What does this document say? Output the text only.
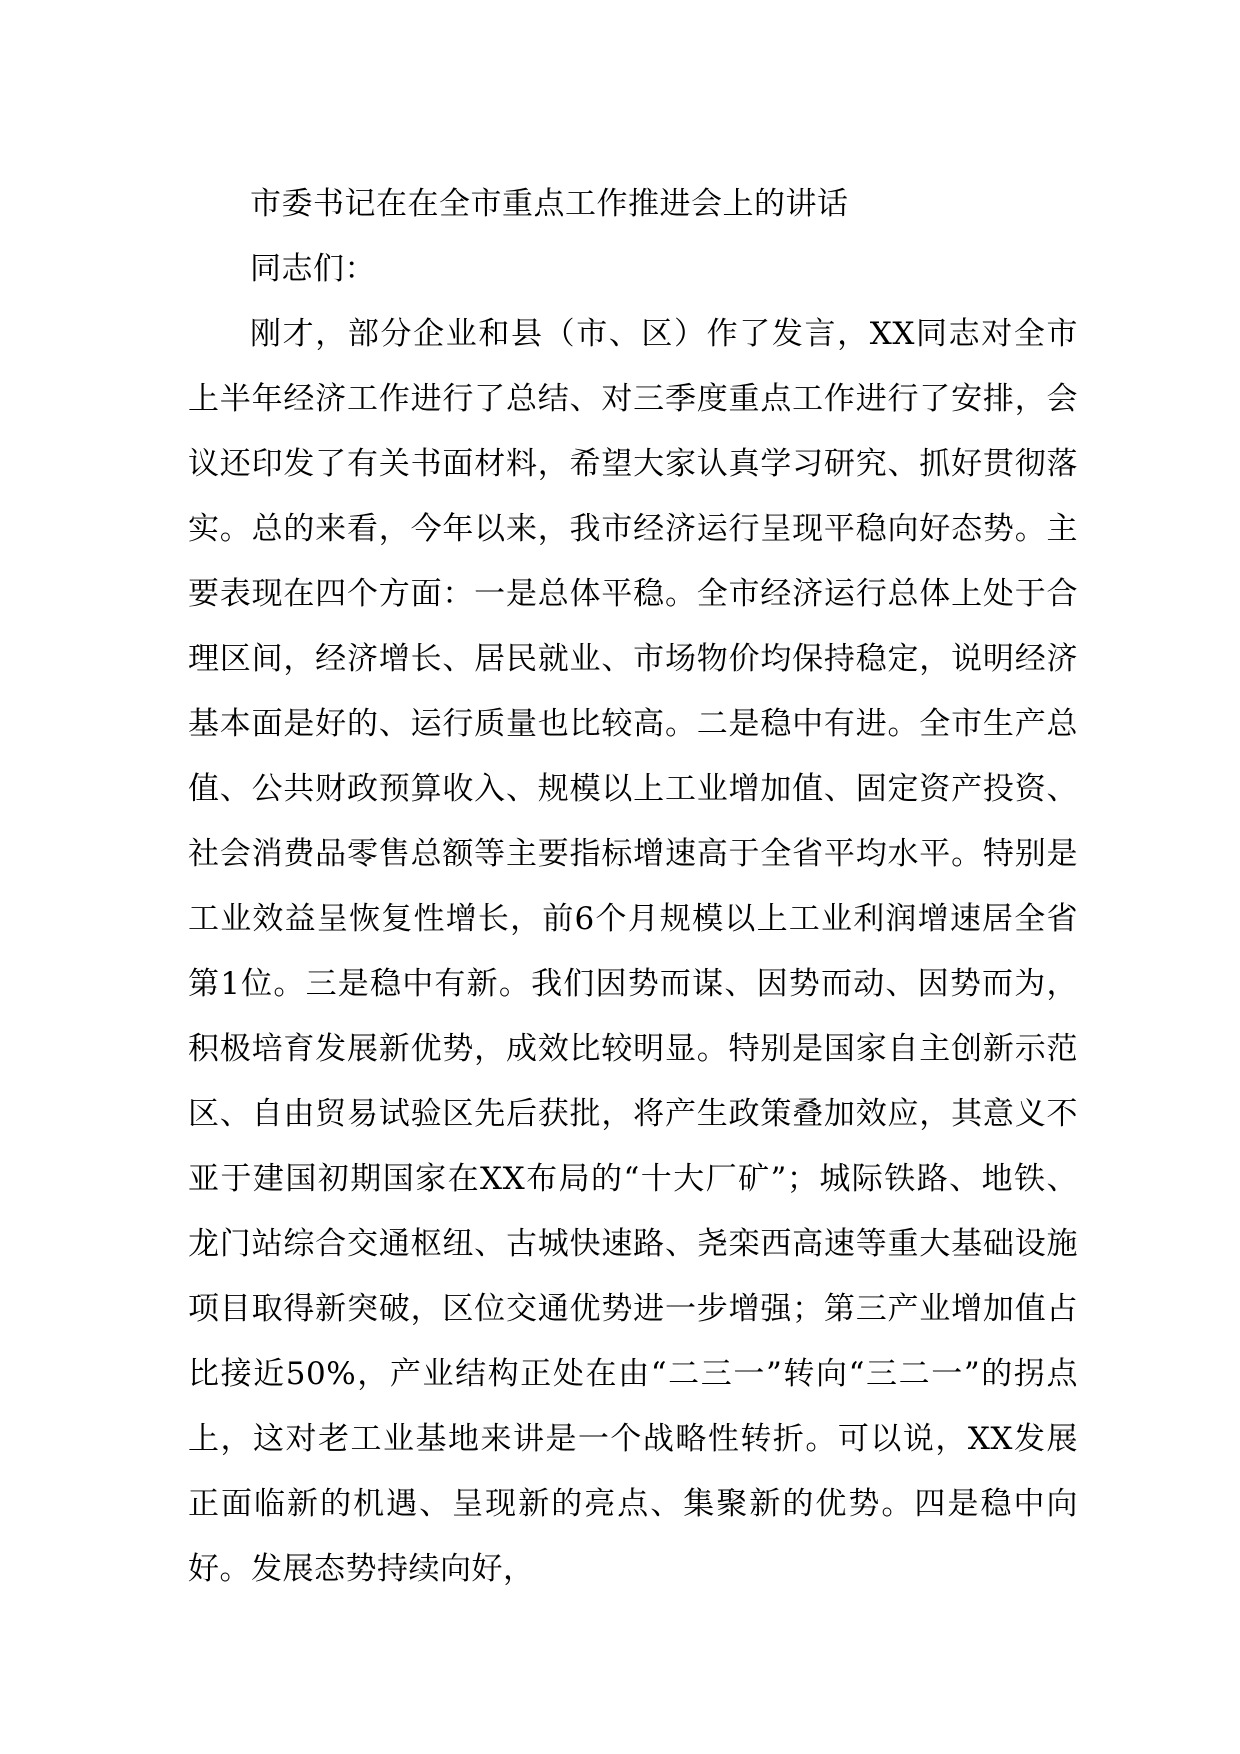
市委书记在在全市重点工作推进会上的讲话

同志们：

刚才，部分企业和县（市、区）作了发言，XX同志对全市上半年经济工作进行了总结、对三季度重点工作进行了安排，会议还印发了有关书面材料，希望大家认真学习研究、抓好贯彻落实。总的来看，今年以来，我市经济运行呈现平稳向好态势。主要表现在四个方面：一是总体平稳。全市经济运行总体上处于合理区间，经济增长、居民就业、市场物价均保持稳定，说明经济基本面是好的、运行质量也比较高。二是稳中有进。全市生产总值、公共财政预算收入、规模以上工业增加值、固定资产投资、社会消费品零售总额等主要指标增速高于全省平均水平。特别是工业效益呈恢复性增长，前6个月规模以上工业利润增速居全省第1位。三是稳中有新。我们因势而谋、因势而动、因势而为，积极培育发展新优势，成效比较明显。特别是国家自主创新示范区、自由贸易试验区先后获批，将产生政策叠加效应，其意义不亚于建国初期国家在XX布局的“十大厂矿”；城际铁路、地铁、龙门站综合交通枢纽、古城快速路、尧栾西高速等重大基础设施项目取得新突破，区位交通优势进一步增强；第三产业增加值占比接近50%，产业结构正处在由“二三一”转向“三二一”的拐点上，这对老工业基地来讲是一个战略性转折。可以说，XX发展正面临新的机遇、呈现新的亮点、集聚新的优势。四是稳中向好。发展态势持续向好，
